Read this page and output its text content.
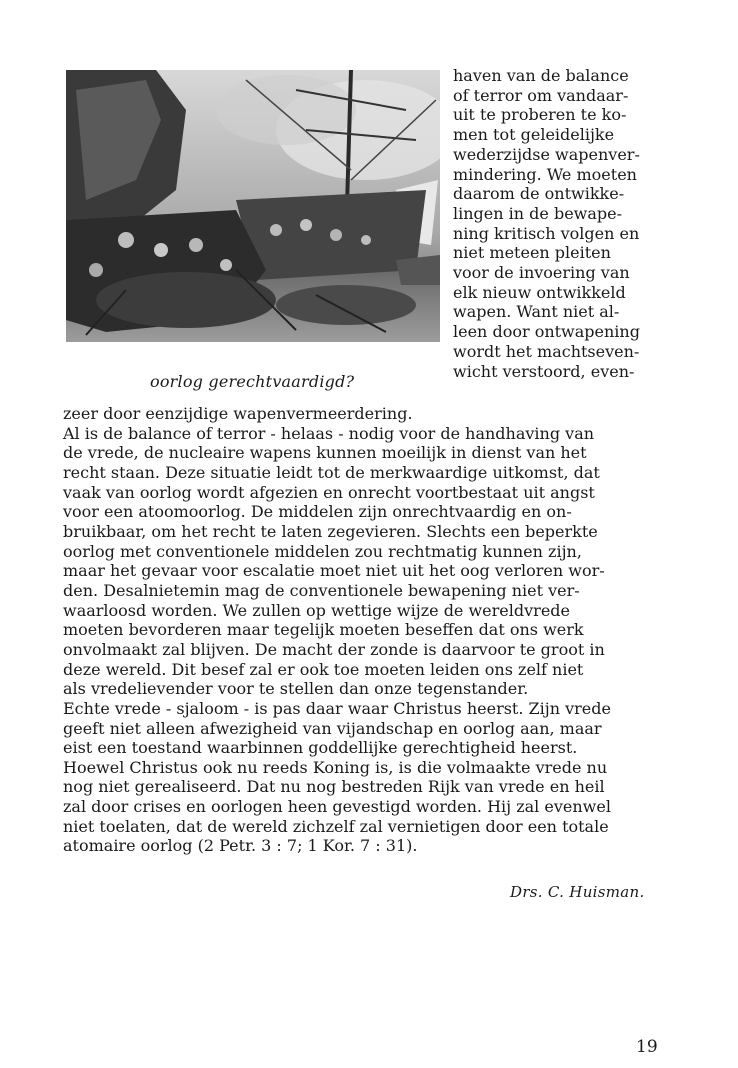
oorlog gerechtvaardigd?
haven van de balance
of terror om vandaar-
uit te proberen te ko-
men tot geleidelijke
wederzijdse wapenver-
mindering. We moeten
daarom de ontwikke-
lingen in de bewape-
ning kritisch volgen en
niet meteen pleiten
voor de invoering van
elk nieuw ontwikkeld
wapen. Want niet al-
leen door ontwapening
wordt het machtseven-
wicht verstoord, even-
zeer door eenzijdige wapenvermeerdering.
Al is de balance of terror - helaas - nodig voor de handhaving van
de vrede, de nucleaire wapens kunnen moeilijk in dienst van het
recht staan. Deze situatie leidt tot de merkwaardige uitkomst, dat
vaak van oorlog wordt afgezien en onrecht voortbestaat uit angst
voor een atoomoorlog. De middelen zijn onrechtvaardig en on-
bruikbaar, om het recht te laten zegevieren. Slechts een beperkte
oorlog met conventionele middelen zou rechtmatig kunnen zijn,
maar het gevaar voor escalatie moet niet uit het oog verloren wor-
den. Desalnietemin mag de conventionele bewapening niet ver-
waarloosd worden. We zullen op wettige wijze de wereldvrede
moeten bevorderen maar tegelijk moeten beseffen dat ons werk
onvolmaakt zal blijven. De macht der zonde is daarvoor te groot in
deze wereld. Dit besef zal er ook toe moeten leiden ons zelf niet
als vredelievender voor te stellen dan onze tegenstander.
Echte vrede - sjaloom - is pas daar waar Christus heerst. Zijn vrede
geeft niet alleen afwezigheid van vijandschap en oorlog aan, maar
eist een toestand waarbinnen goddellijke gerechtigheid heerst.
Hoewel Christus ook nu reeds Koning is, is die volmaakte vrede nu
nog niet gerealiseerd. Dat nu nog bestreden Rijk van vrede en heil
zal door crises en oorlogen heen gevestigd worden. Hij zal evenwel
niet toelaten, dat de wereld zichzelf zal vernietigen door een totale
atomaire oorlog (2 Petr. 3 : 7; 1 Kor. 7 : 31).
Drs. C. Huisman.
19
